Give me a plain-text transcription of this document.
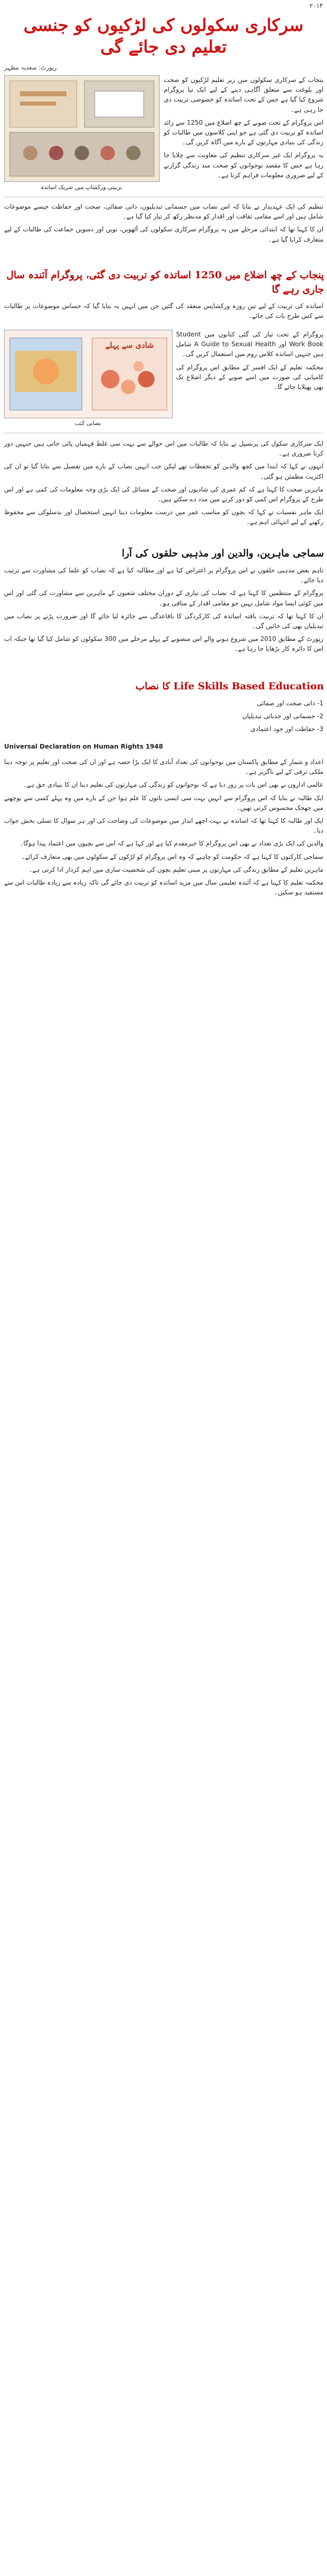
۲۰۱۴
سرکاری سکولوں کی لڑکیوں کو جنسی تعلیم دی جائے گی
رپورٹ: سعدیہ مظہر
تربیتی ورکشاپ میں شریک اساتذہ

پنجاب کے سرکاری سکولوں میں زیر تعلیم لڑکیوں کو صحت اور بلوغت سے متعلق آگاہی دینے کے لیے ایک نیا پروگرام شروع کیا گیا ہے جس کے تحت اساتذہ کو خصوصی تربیت دی جا رہی ہے۔

اس پروگرام کے تحت صوبے کے چھ اضلاع میں 1250 سے زائد اساتذہ کو تربیت دی گئی ہے جو اپنی کلاسوں میں طالبات کو زندگی کی بنیادی مہارتوں کے بارے میں آگاہ کریں گی۔

یہ پروگرام ایک غیر سرکاری تنظیم کی معاونت سے چلایا جا رہا ہے جس کا مقصد نوجوانوں کو صحت مند زندگی گزارنے کے لیے ضروری معلومات فراہم کرنا ہے۔

تنظیم کی ایک عہدیدار نے بتایا کہ اس نصاب میں جسمانی تبدیلیوں، ذاتی صفائی، صحت اور حفاظت جیسے موضوعات شامل ہیں اور اسے مقامی ثقافت اور اقدار کو مدنظر رکھ کر تیار کیا گیا ہے۔

ان کا کہنا تھا کہ ابتدائی مرحلے میں یہ پروگرام سرکاری سکولوں کی آٹھویں، نویں اور دسویں جماعت کی طالبات کے لیے متعارف کرایا گیا ہے۔

پنجاب کے چھ اضلاع میں 1250 اساتذہ کو تربیت دی گئی، پروگرام آئندہ سال جاری رہے گا

اساتذہ کی تربیت کے لیے تین روزہ ورکشاپس منعقد کی گئیں جن میں انہیں یہ بتایا گیا کہ حساس موضوعات پر طالبات سے کس طرح بات کی جائے۔

شادی سے پہلے
نصابی کتب

پروگرام کے تحت تیار کی گئی کتابوں میں Student Work Book اور A Guide to Sexual Health شامل ہیں جنہیں اساتذہ کلاس روم میں استعمال کریں گی۔

محکمہ تعلیم کے ایک افسر کے مطابق اس پروگرام کی کامیابی کی صورت میں اسے صوبے کے دیگر اضلاع تک بھی پھیلایا جائے گا۔

ایک سرکاری سکول کی پرنسپل نے بتایا کہ طالبات میں اس حوالے سے بہت سی غلط فہمیاں پائی جاتی ہیں جنہیں دور کرنا ضروری ہے۔

انہوں نے کہا کہ ابتدا میں کچھ والدین کو تحفظات تھے لیکن جب انہیں نصاب کے بارے میں تفصیل سے بتایا گیا تو ان کی اکثریت مطمئن ہو گئی۔

ماہرین صحت کا کہنا ہے کہ کم عمری کی شادیوں اور صحت کے مسائل کی ایک بڑی وجہ معلومات کی کمی ہے اور اس طرح کے پروگرام اس کمی کو دور کرنے میں مدد دے سکتے ہیں۔

ایک ماہر نفسیات نے کہا کہ بچوں کو مناسب عمر میں درست معلومات دینا انہیں استحصال اور بدسلوکی سے محفوظ رکھنے کے لیے انتہائی اہم ہے۔

سماجی ماہرین، والدین اور مذہبی حلقوں کی آرا

تاہم بعض مذہبی حلقوں نے اس پروگرام پر اعتراض کیا ہے اور مطالبہ کیا ہے کہ نصاب کو علما کی مشاورت سے ترتیب دیا جائے۔

پروگرام کے منتظمین کا کہنا ہے کہ نصاب کی تیاری کے دوران مختلف شعبوں کے ماہرین سے مشاورت کی گئی اور اس میں کوئی ایسا مواد شامل نہیں جو مقامی اقدار کے منافی ہو۔

ان کا کہنا تھا کہ تربیت یافتہ اساتذہ کی کارکردگی کا باقاعدگی سے جائزہ لیا جائے گا اور ضرورت پڑنے پر نصاب میں تبدیلیاں بھی کی جائیں گی۔

رپورٹ کے مطابق 2010 میں شروع ہونے والے اس منصوبے کے پہلے مرحلے میں 300 سکولوں کو شامل کیا گیا تھا جبکہ اب اس کا دائرہ کار بڑھایا جا رہا ہے۔

Life Skills Based Education کا نصاب

1- ذاتی صحت اور صفائی

2- جسمانی اور جذباتی تبدیلیاں

3- حفاظت اور خود اعتمادی

Universal Declaration on Human Rights 1948

اعداد و شمار کے مطابق پاکستان میں نوجوانوں کی تعداد آبادی کا ایک بڑا حصہ ہے اور ان کی صحت اور تعلیم پر توجہ دینا ملکی ترقی کے لیے ناگزیر ہے۔

عالمی اداروں نے بھی اس بات پر زور دیا ہے کہ نوجوانوں کو زندگی کی مہارتوں کی تعلیم دینا ان کا بنیادی حق ہے۔

ایک طالبہ نے بتایا کہ اس پروگرام سے انہیں بہت سی ایسی باتوں کا علم ہوا جن کے بارے میں وہ پہلے کسی سے پوچھنے میں جھجک محسوس کرتی تھیں۔

ایک اور طالبہ کا کہنا تھا کہ اساتذہ نے بہت اچھے انداز میں موضوعات کی وضاحت کی اور ہر سوال کا تسلی بخش جواب دیا۔

والدین کی ایک بڑی تعداد نے بھی اس پروگرام کا خیرمقدم کیا ہے اور کہا ہے کہ اس سے بچیوں میں اعتماد پیدا ہوگا۔

سماجی کارکنوں کا کہنا ہے کہ حکومت کو چاہیے کہ وہ اس پروگرام کو لڑکوں کے سکولوں میں بھی متعارف کرائے۔

ماہرین تعلیم کے مطابق زندگی کی مہارتوں پر مبنی تعلیم بچوں کی شخصیت سازی میں اہم کردار ادا کرتی ہے۔

محکمہ تعلیم کا کہنا ہے کہ آئندہ تعلیمی سال میں مزید اساتذہ کو تربیت دی جائے گی تاکہ زیادہ سے زیادہ طالبات اس سے مستفید ہو سکیں۔
